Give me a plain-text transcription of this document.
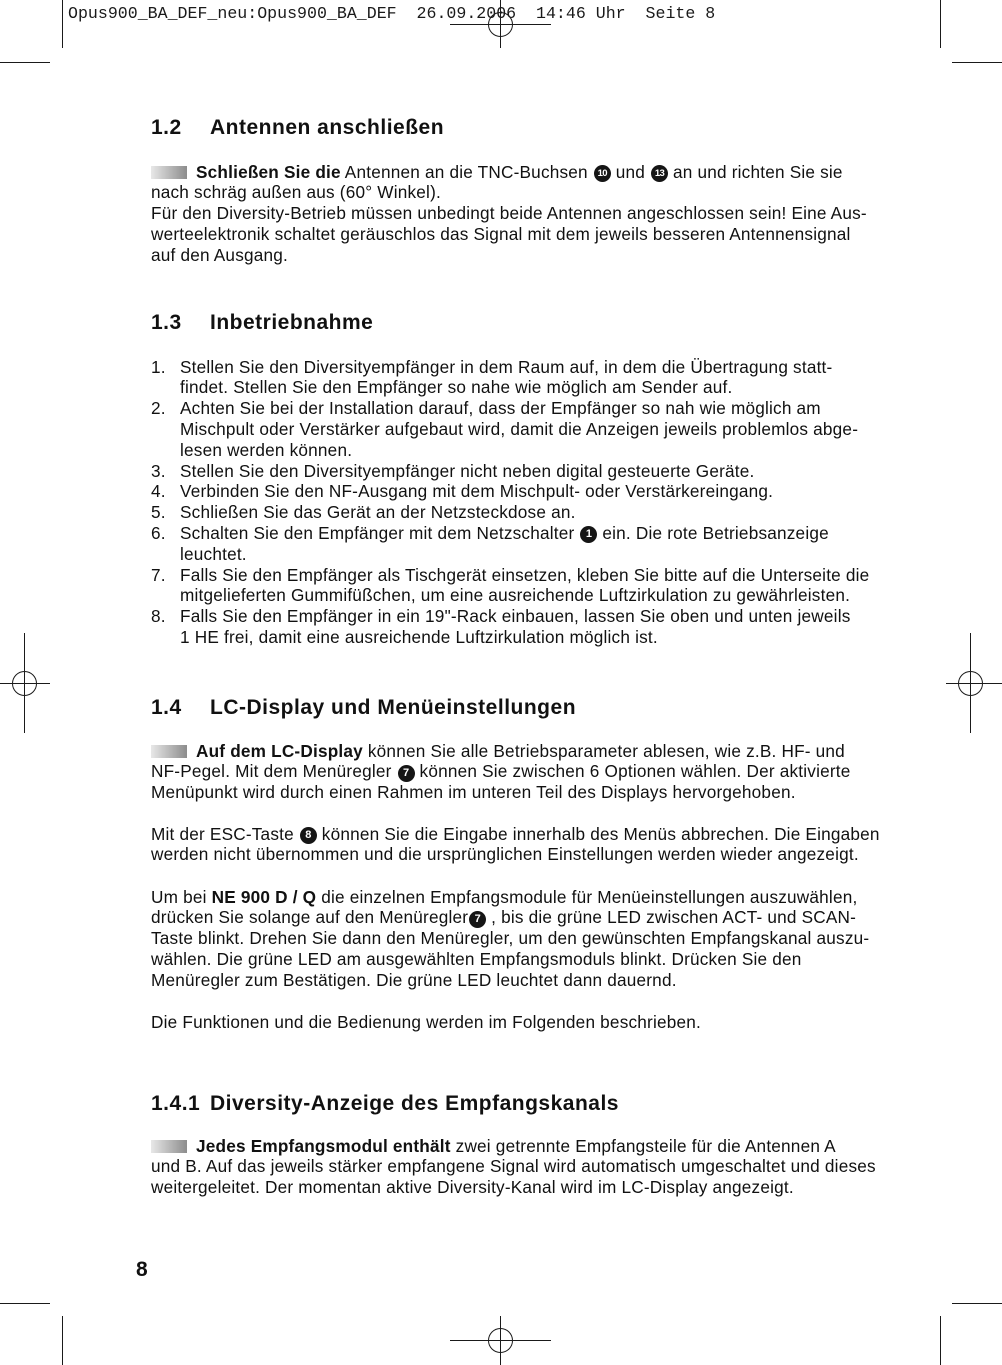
Opus900_BA_DEF_neu:Opus900_BA_DEF  26.09.2006  14:46 Uhr  Seite 8
1.2 Antennen anschließen
Schließen Sie die Antennen an die TNC-Buchsen 10 und 13 an und richten Sie sie
nach schräg außen aus (60° Winkel).
Für den Diversity-Betrieb müssen unbedingt beide Antennen angeschlossen sein! Eine Aus-
werteelektronik schaltet geräuschlos das Signal mit dem jeweils besseren Antennensignal
auf den Ausgang.
1.3 Inbetriebnahme
1. Stellen Sie den Diversityempfänger in dem Raum auf, in dem die Übertragung statt-
findet. Stellen Sie den Empfänger so nahe wie möglich am Sender auf.
2. Achten Sie bei der Installation darauf, dass der Empfänger so nah wie möglich am
Mischpult oder Verstärker aufgebaut wird, damit die Anzeigen jeweils problemlos abge-
lesen werden können.
3. Stellen Sie den Diversityempfänger nicht neben digital gesteuerte Geräte.
4. Verbinden Sie den NF-Ausgang mit dem Mischpult- oder Verstärkereingang.
5. Schließen Sie das Gerät an der Netzsteckdose an.
6. Schalten Sie den Empfänger mit dem Netzschalter 1 ein. Die rote Betriebsanzeige
leuchtet.
7. Falls Sie den Empfänger als Tischgerät einsetzen, kleben Sie bitte auf die Unterseite die
mitgelieferten Gummifüßchen, um eine ausreichende Luftzirkulation zu gewährleisten.
8. Falls Sie den Empfänger in ein 19"-Rack einbauen, lassen Sie oben und unten jeweils
1 HE frei, damit eine ausreichende Luftzirkulation möglich ist.
1.4 LC-Display und Menüeinstellungen
Auf dem LC-Display können Sie alle Betriebsparameter ablesen, wie z.B. HF- und
NF-Pegel. Mit dem Menüregler 7 können Sie zwischen 6 Optionen wählen. Der aktivierte
Menüpunkt wird durch einen Rahmen im unteren Teil des Displays hervorgehoben.
Mit der ESC-Taste 8 können Sie die Eingabe innerhalb des Menüs abbrechen. Die Eingaben
werden nicht übernommen und die ursprünglichen Einstellungen werden wieder angezeigt.
Um bei NE 900 D / Q die einzelnen Empfangsmodule für Menüeinstellungen auszuwählen,
drücken Sie solange auf den Menüregler 7 , bis die grüne LED zwischen ACT- und SCAN-
Taste blinkt. Drehen Sie dann den Menüregler, um den gewünschten Empfangskanal auszu-
wählen. Die grüne LED am ausgewählten Empfangsmoduls blinkt. Drücken Sie den
Menüregler zum Bestätigen. Die grüne LED leuchtet dann dauernd.
Die Funktionen und die Bedienung werden im Folgenden beschrieben.
1.4.1 Diversity-Anzeige des Empfangskanals
Jedes Empfangsmodul enthält zwei getrennte Empfangsteile für die Antennen A
und B. Auf das jeweils stärker empfangene Signal wird automatisch umgeschaltet und dieses
weitergeleitet. Der momentan aktive Diversity-Kanal wird im LC-Display angezeigt.
8
